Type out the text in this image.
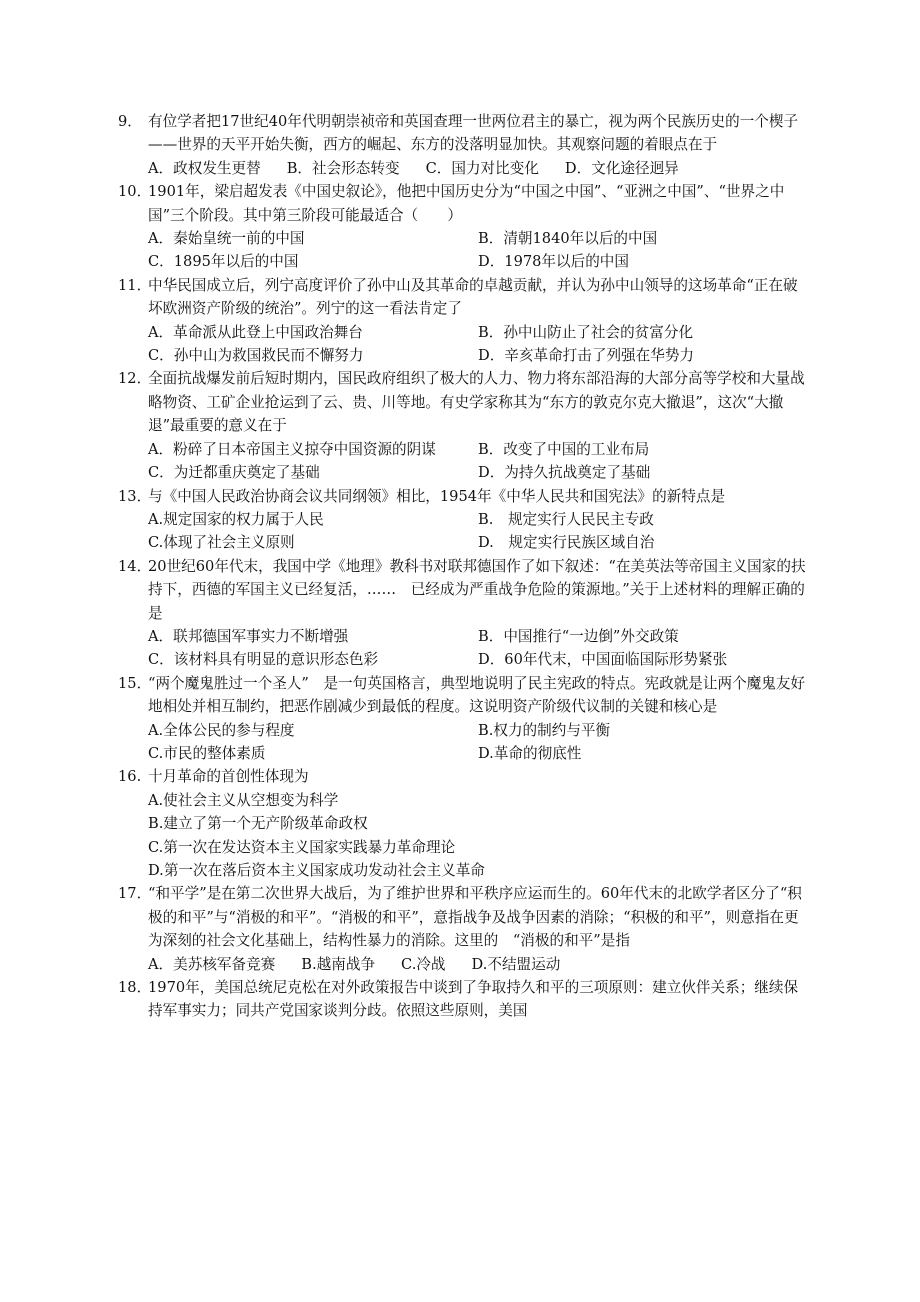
9． 有位学者把17世纪40年代明朝崇祯帝和英国查理一世两位君主的暴亡，视为两个民族历史的一个楔子——世界的天平开始失衡，西方的崛起、东方的没落明显加快。其观察问题的着眼点在于
A．政权发生更替 B．社会形态转变 C．国力对比变化 D．文化途径迥异
10．
1901年，梁启超发表《中国史叙论》，他把中国历史分为“中国之中国”、“亚洲之中国”、“世界之中国”三个阶段。其中第三阶段可能最适合（　　）
A．秦始皇统一前的中国	B．清朝1840年以后的中国
C．1895年以后的中国	D．1978年以后的中国
11．
中华民国成立后，列宁高度评价了孙中山及其革命的卓越贡献，并认为孙中山领导的这场革命“正在破坏欧洲资产阶级的统治”。列宁的这一看法肯定了
A．革命派从此登上中国政治舞台	B．孙中山防止了社会的贫富分化
C．孙中山为救国救民而不懈努力	D．辛亥革命打击了列强在华势力
12．
全面抗战爆发前后短时期内，国民政府组织了极大的人力、物力将东部沿海的大部分高等学校和大量战略物资、工矿企业抢运到了云、贵、川等地。有史学家称其为“东方的敦克尔克大撤退”，这次“大撤退”最重要的意义在于
A．粉碎了日本帝国主义掠夺中国资源的阴谋	B．改变了中国的工业布局
C．为迁都重庆奠定了基础	D．为持久抗战奠定了基础
13．
与《中国人民政治协商会议共同纲领》相比，1954年《中华人民共和国宪法》的新特点是
A.规定国家的权力属于人民	B.　规定实行人民民主专政
C.体现了社会主义原则	D.　规定实行民族区域自治
14．
20世纪60年代末，我国中学《地理》教科书对联邦德国作了如下叙述：“在美英法等帝国主义国家的扶持下，西德的军国主义已经复活，……　已经成为严重战争危险的策源地。”关于上述材料的理解正确的是
A．联邦德国军事实力不断增强	B．中国推行“一边倒”外交政策
C．该材料具有明显的意识形态色彩	D．60年代末，中国面临国际形势紧张
15．
“两个魔鬼胜过一个圣人”　是一句英国格言，典型地说明了民主宪政的特点。宪政就是让两个魔鬼友好地相处并相互制约，把恶作剧减少到最低的程度。这说明资产阶级代议制的关键和核心是
A.全体公民的参与程度	B.权力的制约与平衡
C.市民的整体素质	D.革命的彻底性
16. 十月革命的首创性体现为
A.使社会主义从空想变为科学
B.建立了第一个无产阶级革命政权
C.第一次在发达资本主义国家实践暴力革命理论
D.第一次在落后资本主义国家成功发动社会主义革命
17．
“和平学”是在第二次世界大战后，为了维护世界和平秩序应运而生的。60年代末的北欧学者区分了“积极的和平”与“消极的和平”。“消极的和平”，意指战争及战争因素的消除；“积极的和平”，则意指在更为深刻的社会文化基础上，结构性暴力的消除。这里的　“消极的和平”是指
A．美苏核军备竞赛 B.越南战争 C.冷战 D.不结盟运动
18．
1970年，美国总统尼克松在对外政策报告中谈到了争取持久和平的三项原则：建立伙伴关系；继续保持军事实力；同共产党国家谈判分歧。依照这些原则，美国
